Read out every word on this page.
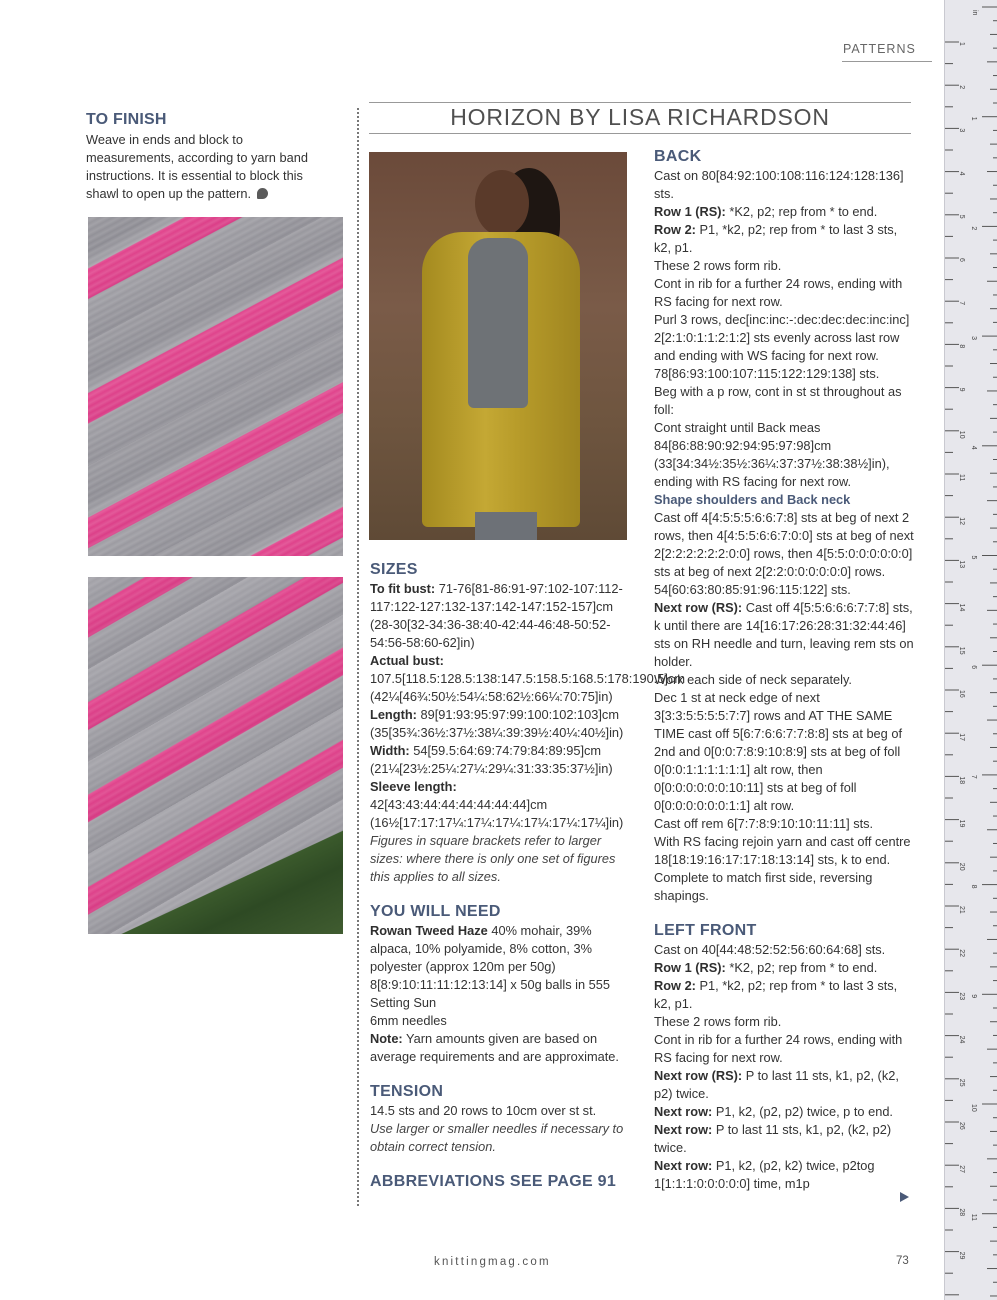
PATTERNS	1
2
3
4
5
6
7
8
9
10
11
12
13
14
15
16
17
18
19
20
21
22
23
24
25
26
27
28
29
1
2
3
4
5
6
7
8
9
10
11
in
TO FINISH
Weave in ends and block to measurements, according to yarn band instructions. It is essential to block this shawl to open up the pattern.
HORIZON BY LISA RICHARDSON
SIZES

To fit bust: 71-76[81-86:91-97:102-107:112-117:122-127:132-137:142-147:152-157]cm (28-30[32-34:36-38:40-42:44-46:48-50:52-54:56-58:60-62]in)

Actual bust: 107.5[118.5:128.5:138:147.5:158.5:168.5:178:190.5]cm (42¼[46¾:50½:54¼:58:62½:66¼:70:75]in)

Length: 89[91:93:95:97:99:100:102:103]cm (35[35¾:36½:37½:38¼:39:39½:40¼:40½]in)

Width: 54[59.5:64:69:74:79:84:89:95]cm (21¼[23½:25¼:27¼:29¼:31:33:35:37½]in)

Sleeve length:
42[43:43:44:44:44:44:44:44]cm (16½[17:17:17¼:17¼:17¼:17¼:17¼:17¼]in)

Figures in square brackets refer to larger sizes: where there is only one set of figures this applies to all sizes.

YOU WILL NEED

Rowan Tweed Haze 40% mohair, 39% alpaca, 10% polyamide, 8% cotton, 3% polyester (approx 120m per 50g) 8[8:9:10:11:11:12:13:14] x 50g balls in 555 Setting Sun

6mm needles

Note: Yarn amounts given are based on average requirements and are approximate.

TENSION

14.5 sts and 20 rows to 10cm over st st.

Use larger or smaller needles if necessary to obtain correct tension.

ABBREVIATIONS SEE PAGE 91
BACK

Cast on 80[84:92:100:108:116:124:128:136] sts.

Row 1 (RS): *K2, p2; rep from * to end.

Row 2: P1, *k2, p2; rep from * to last 3 sts, k2, p1.

These 2 rows form rib.

Cont in rib for a further 24 rows, ending with RS facing for next row.

Purl 3 rows, dec[inc:inc:-:dec:dec:dec:inc:inc] 2[2:1:0:1:1:2:1:2] sts evenly across last row and ending with WS facing for next row. 78[86:93:100:107:115:122:129:138] sts.

Beg with a p row, cont in st st throughout as foll:

Cont straight until Back meas 84[86:88:90:92:94:95:97:98]cm (33[34:34½:35½:36¼:37:37½:38:38½]in), ending with RS facing for next row.

Shape shoulders and Back neck

Cast off 4[4:5:5:5:6:6:7:8] sts at beg of next 2 rows, then 4[4:5:5:6:6:7:0:0] sts at beg of next 2[2:2:2:2:2:2:0:0] rows, then 4[5:5:0:0:0:0:0:0] sts at beg of next 2[2:2:0:0:0:0:0:0] rows. 54[60:63:80:85:91:96:115:122] sts.

Next row (RS): Cast off 4[5:5:6:6:6:7:7:8] sts, k until there are 14[16:17:26:28:31:32:44:46] sts on RH needle and turn, leaving rem sts on holder.

Work each side of neck separately.

Dec 1 st at neck edge of next 3[3:3:5:5:5:5:7:7] rows and AT THE SAME TIME cast off 5[6:7:6:6:7:7:8:8] sts at beg of 2nd and 0[0:0:7:8:9:10:8:9] sts at beg of foll 0[0:0:1:1:1:1:1:1] alt row, then 0[0:0:0:0:0:0:10:11] sts at beg of foll 0[0:0:0:0:0:0:1:1] alt row.

Cast off rem 6[7:7:8:9:10:10:11:11] sts.

With RS facing rejoin yarn and cast off centre 18[18:19:16:17:17:18:13:14] sts, k to end.

Complete to match first side, reversing shapings.

LEFT FRONT

Cast on 40[44:48:52:52:56:60:64:68] sts.

Row 1 (RS): *K2, p2; rep from * to end.

Row 2: P1, *k2, p2; rep from * to last 3 sts, k2, p1.

These 2 rows form rib.

Cont in rib for a further 24 rows, ending with RS facing for next row.

Next row (RS): P to last 11 sts, k1, p2, (k2, p2) twice.

Next row: P1, k2, (p2, p2) twice, p to end.

Next row: P to last 11 sts, k1, p2, (k2, p2) twice.

Next row: P1, k2, (p2, k2) twice, p2tog 1[1:1:1:0:0:0:0:0] time, m1p

knittingmag.com	73
